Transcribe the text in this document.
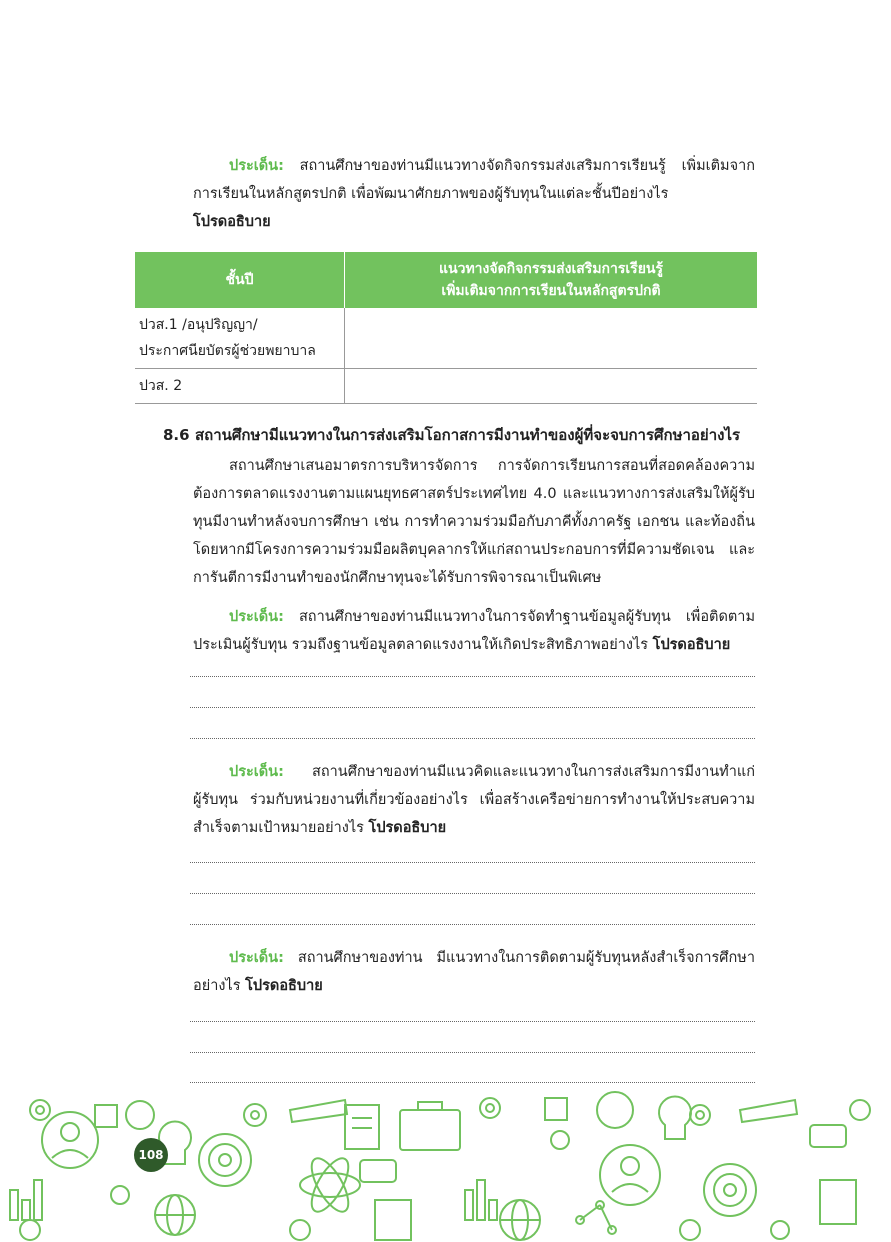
ประเด็น: สถานศึกษาของท่านมีแนวทางจัดกิจกรรมส่งเสริมการเรียนรู้ เพิ่มเติมจากการเรียนในหลักสูตรปกติ เพื่อพัฒนาศักยภาพของผู้รับทุนในแต่ละชั้นปีอย่างไร

โปรดอธิบาย

ชั้นปี	แนวทางจัดกิจกรรมส่งเสริมการเรียนรู้
เพิ่มเติมจากการเรียนในหลักสูตรปกติ

ปวส.1 /อนุปริญญา/
ประกาศนียบัตรผู้ช่วยพยาบาล	

ปวส. 2	

8.6 สถานศึกษามีแนวทางในการส่งเสริมโอกาสการมีงานทำของผู้ที่จะจบการศึกษาอย่างไร

สถานศึกษาเสนอมาตรการบริหารจัดการ การจัดการเรียนการสอนที่สอดคล้องความต้องการตลาดแรงงานตามแผนยุทธศาสตร์ประเทศไทย 4.0 และแนวทางการส่งเสริมให้ผู้รับทุนมีงานทำหลังจบการศึกษา เช่น การทำความร่วมมือกับภาคีทั้งภาครัฐ เอกชน และท้องถิ่น โดยหากมีโครงการความร่วมมือผลิตบุคลากรให้แก่สถานประกอบการที่มีความชัดเจน และการันตีการมีงานทำของนักศึกษาทุนจะได้รับการพิจารณาเป็นพิเศษ

ประเด็น: สถานศึกษาของท่านมีแนวทางในการจัดทำฐานข้อมูลผู้รับทุน เพื่อติดตามประเมินผู้รับทุน รวมถึงฐานข้อมูลตลาดแรงงานให้เกิดประสิทธิภาพอย่างไร โปรดอธิบาย

ประเด็น: สถานศึกษาของท่านมีแนวคิดและแนวทางในการส่งเสริมการมีงานทำแก่ผู้รับทุน ร่วมกับหน่วยงานที่เกี่ยวข้องอย่างไร เพื่อสร้างเครือข่ายการทำงานให้ประสบความสำเร็จตามเป้าหมายอย่างไร โปรดอธิบาย

ประเด็น: สถานศึกษาของท่าน มีแนวทางในการติดตามผู้รับทุนหลังสำเร็จการศึกษาอย่างไร โปรดอธิบาย

108
